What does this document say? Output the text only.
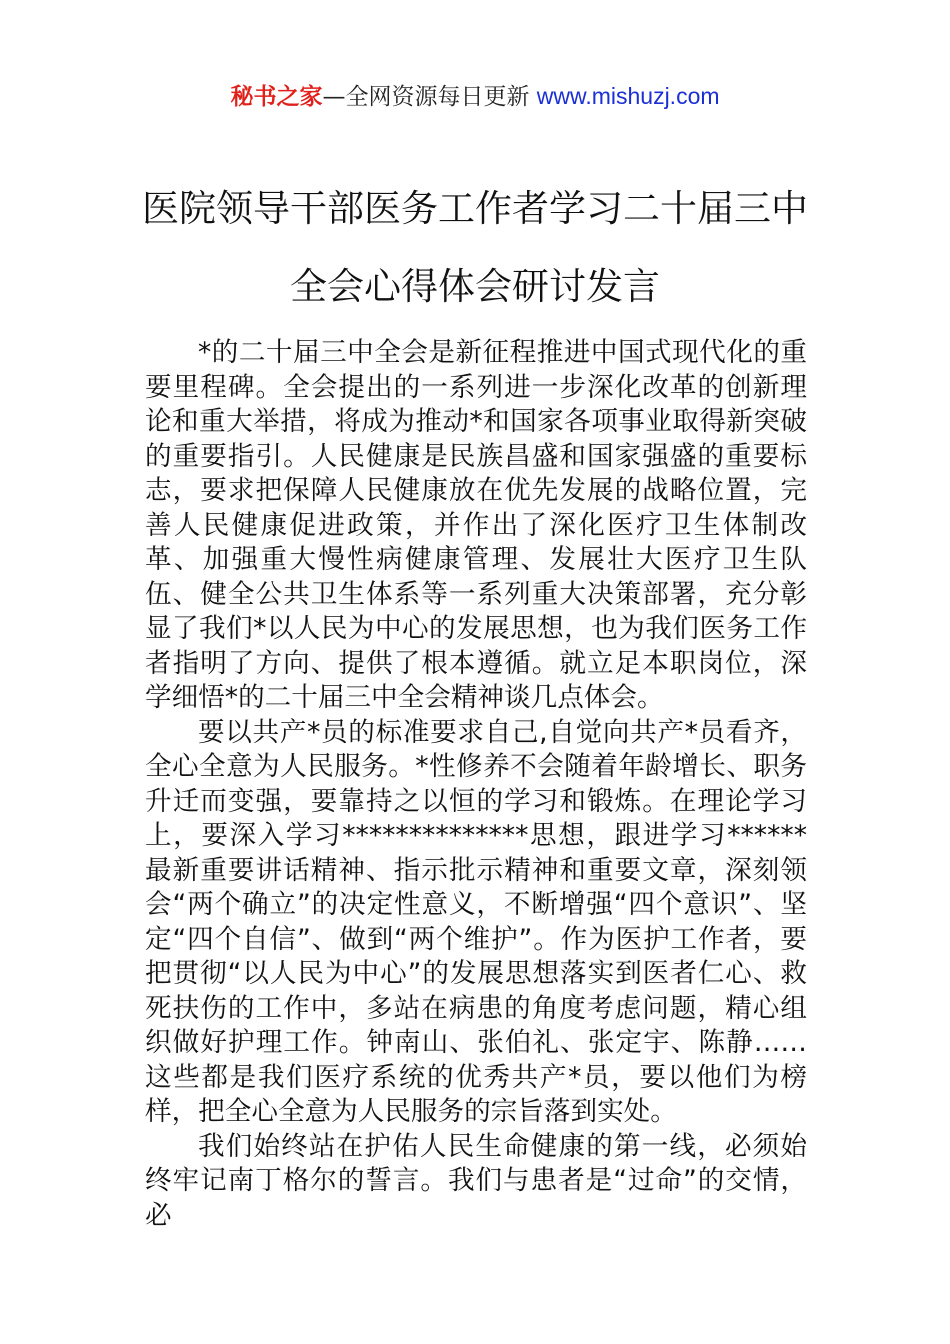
秘书之家—全网资源每日更新 www.mishuzj.com
医院领导干部医务工作者学习二十届三中
全会心得体会研讨发言

*的二十届三中全会是新征程推进中国式现代化的重要里程碑。全会提出的一系列进一步深化改革的创新理论和重大举措，将成为推动*和国家各项事业取得新突破的重要指引。人民健康是民族昌盛和国家强盛的重要标志，要求把保障人民健康放在优先发展的战略位置，完善人民健康促进政策，并作出了深化医疗卫生体制改革、加强重大慢性病健康管理、发展壮大医疗卫生队伍、健全公共卫生体系等一系列重大决策部署，充分彰显了我们*以人民为中心的发展思想，也为我们医务工作者指明了方向、提供了根本遵循。就立足本职岗位，深学细悟*的二十届三中全会精神谈几点体会。

要以共产*员的标准要求自己,自觉向共产*员看齐，全心全意为人民服务。*性修养不会随着年龄增长、职务升迁而变强，要靠持之以恒的学习和锻炼。在理论学习上，要深入学习**************思想，跟进学习******最新重要讲话精神、指示批示精神和重要文章，深刻领会“两个确立”的决定性意义，不断增强“四个意识”、坚定“四个自信”、做到“两个维护”。作为医护工作者，要把贯彻“以人民为中心”的发展思想落实到医者仁心、救死扶伤的工作中，多站在病患的角度考虑问题，精心组织做好护理工作。钟南山、张伯礼、张定宇、陈静……这些都是我们医疗系统的优秀共产*员，要以他们为榜样，把全心全意为人民服务的宗旨落到实处。

我们始终站在护佑人民生命健康的第一线，必须始终牢记南丁格尔的誓言。我们与患者是“过命”的交情，必
